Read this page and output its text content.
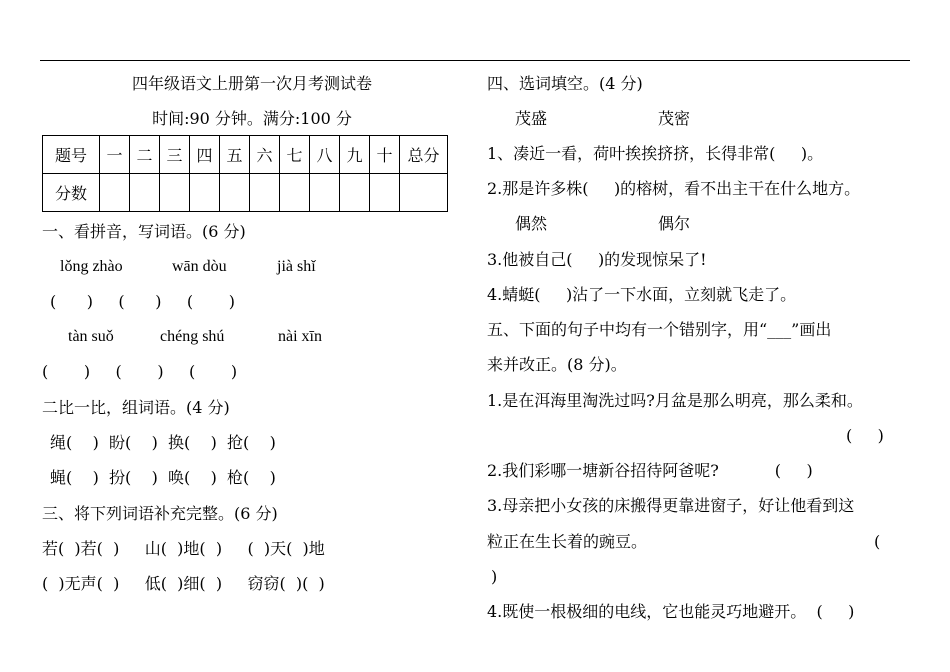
四年级语文上册第一次月考测试卷
时间:90 分钟。满分:100 分
题号	一	二	三	四	五	六	七	八	九	十	总分
分数											
一、看拼音，写词语。(6 分)
lǒng zhào	wān dòu	jià shǐ
(      )     (      )     (       )
tàn suǒ	chéng shú	nài xīn
(       )     (       )     (       )
二比一比，组词语。(4 分)
绳(    )  盼(    )  换(    )  抢(    )
蝇(    )  扮(    )  唤(    )  枪(    )
三、将下列词语补充完整。(6 分)
若(  )若(  )     山(  )地(  )     (  )天(  )地
(  )无声(  )     低(  )细(  )     窃窃(  )(  )
四、选词填空。(4 分)
茂盛	茂密
1、凑近一看，荷叶挨挨挤挤，长得非常(     )。
2.那是许多株(     )的榕树，看不出主干在什么地方。
偶然	偶尔
3.他被自己(     )的发现惊呆了!
4.蜻蜓(     )沾了一下水面，立刻就飞走了。
五、下面的句子中均有一个错别字，用“___”画出
来并改正。(8 分)。
1.是在洱海里淘洗过吗?月盆是那么明亮，那么柔和。
(     )
2.我们彩哪一塘新谷招待阿爸呢?           (     )
3.母亲把小女孩的床搬得更靠进窗子，好让他看到这
粒正在生长着的豌豆。	(
)
4.既使一根极细的电线，它也能灵巧地避开。  (     )
